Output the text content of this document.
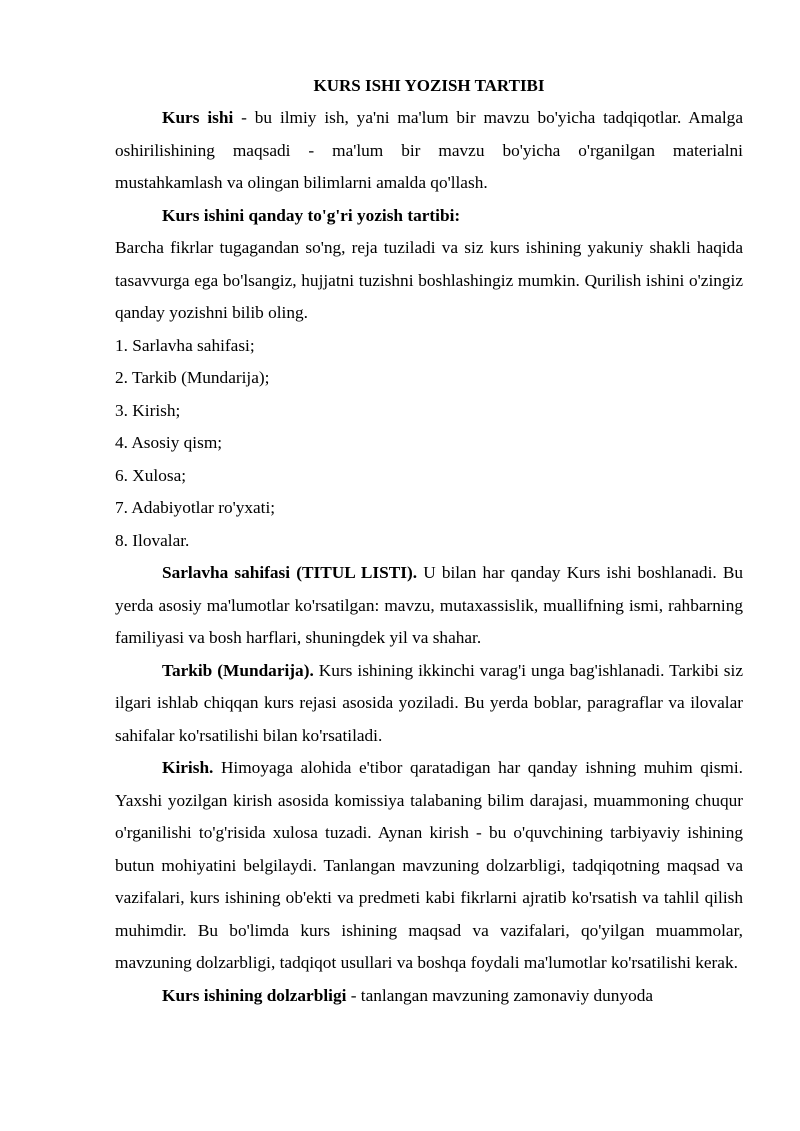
KURS ISHI YOZISH TARTIBI

Kurs ishi - bu ilmiy ish, ya'ni ma'lum bir mavzu bo'yicha tadqiqotlar. Amalga oshirilishining maqsadi - ma'lum bir mavzu bo'yicha o'rganilgan materialni mustahkamlash va olingan bilimlarni amalda qo'llash.

Kurs ishini qanday to'g'ri yozish tartibi:

Barcha fikrlar tugagandan so'ng, reja tuziladi va siz kurs ishining yakuniy shakli haqida tasavvurga ega bo'lsangiz, hujjatni tuzishni boshlashingiz mumkin. Qurilish ishini o'zingiz qanday yozishni bilib oling.

1. Sarlavha sahifasi;
2. Tarkib (Mundarija);
3. Kirish;
4. Asosiy qism;
6. Xulosa;
7. Adabiyotlar ro'yxati;
8. Ilovalar.

Sarlavha sahifasi (TITUL LISTI). U bilan har qanday Kurs ishi boshlanadi. Bu yerda asosiy ma'lumotlar ko'rsatilgan: mavzu, mutaxassislik, muallifning ismi, rahbarning familiyasi va bosh harflari, shuningdek yil va shahar.

Tarkib (Mundarija). Kurs ishining ikkinchi varag'i unga bag'ishlanadi. Tarkibi siz ilgari ishlab chiqqan kurs rejasi asosida yoziladi. Bu yerda boblar, paragraflar va ilovalar sahifalar ko'rsatilishi bilan ko'rsatiladi.

Kirish. Himoyaga alohida e'tibor qaratadigan har qanday ishning muhim qismi. Yaxshi yozilgan kirish asosida komissiya talabaning bilim darajasi, muammoning chuqur o'rganilishi to'g'risida xulosa tuzadi. Aynan kirish - bu o'quvchining tarbiyaviy ishining butun mohiyatini belgilaydi. Tanlangan mavzuning dolzarbligi, tadqiqotning maqsad va vazifalari, kurs ishining ob'ekti va predmeti kabi fikrlarni ajratib ko'rsatish va tahlil qilish muhimdir. Bu bo'limda kurs ishining maqsad va vazifalari, qo'yilgan muammolar, mavzuning dolzarbligi, tadqiqot usullari va boshqa foydali ma'lumotlar ko'rsatilishi kerak.

Kurs ishining dolzarbligi - tanlangan mavzuning zamonaviy dunyoda
